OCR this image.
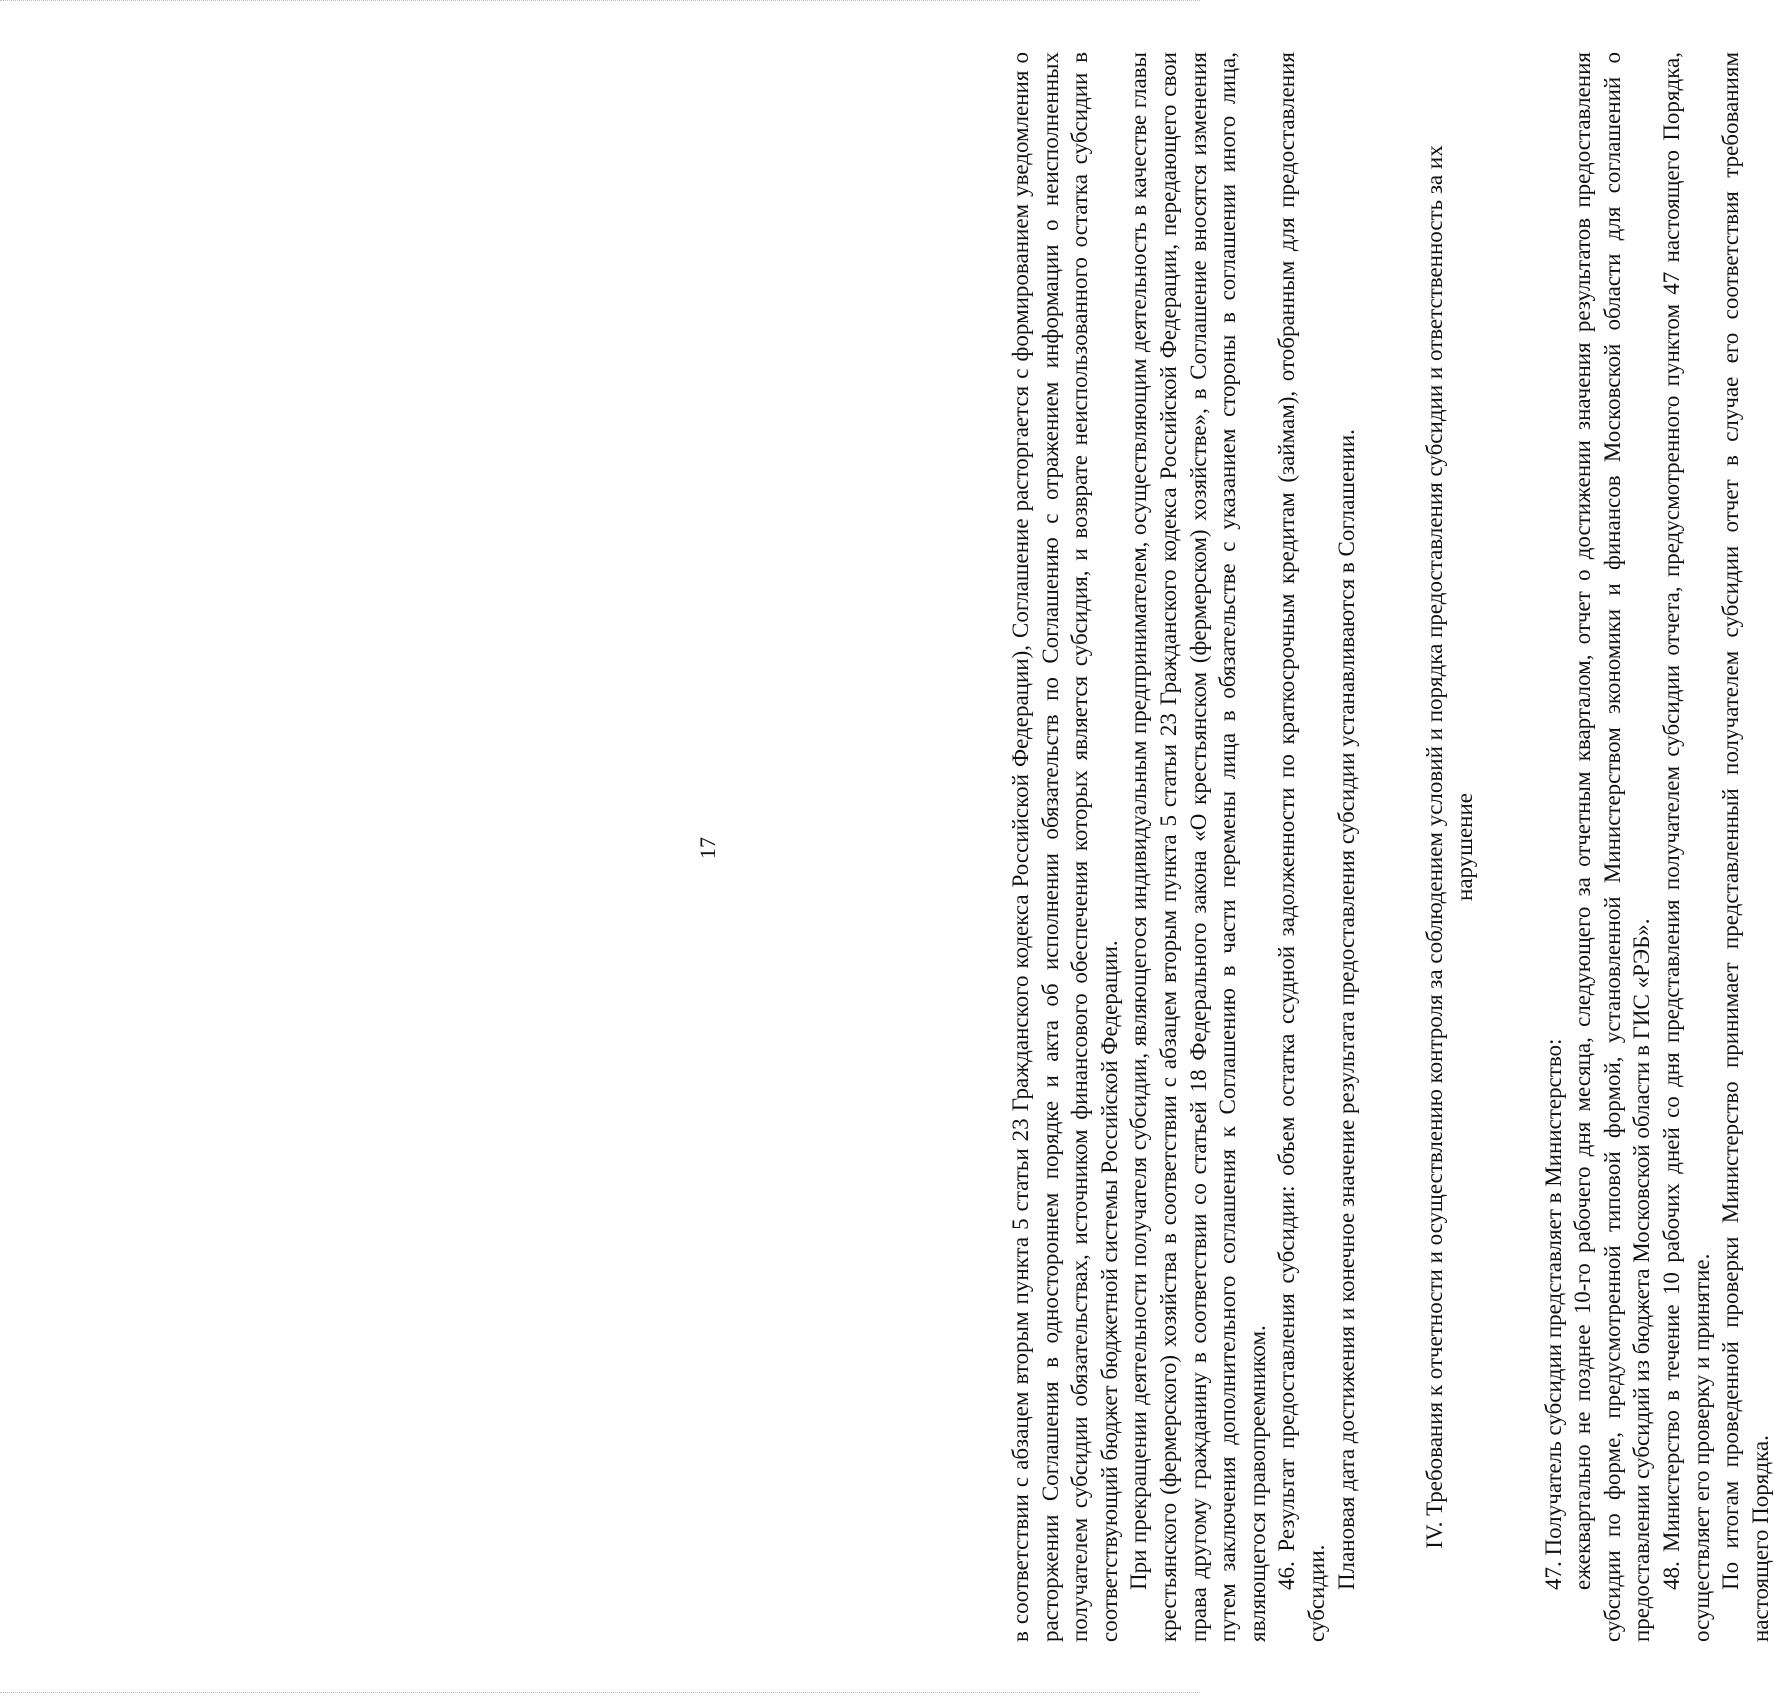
17	в соответствии с абзацем вторым пункта 5 статьи 23 Гражданского кодекса Российской Федерации), Соглашение расторгается с формированием уведомления о расторжении Соглашения в одностороннем порядке и акта об исполнении обязательств по Соглашению с отражением информации о неисполненных получателем субсидии обязательствах, источником финансового обеспечения которых является субсидия, и возврате неиспользованного остатка субсидии в соответствующий бюджет бюджетной системы Российской Федерации. При прекращении деятельности получателя субсидии, являющегося индивидуальным предпринимателем, осуществляющим деятельность в качестве главы крестьянского (фермерского) хозяйства в соответствии с абзацем вторым пункта 5 статьи 23 Гражданского кодекса Российской Федерации, передающего свои права другому гражданину в соответствии со статьей 18 Федерального закона «О крестьянском (фермерском) хозяйстве», в Соглашение вносятся изменения путем заключения дополнительного соглашения к Соглашению в части перемены лица в обязательстве с указанием стороны в соглашении иного лица, являющегося правопреемником. 46. Результат предоставления субсидии: объем остатка ссудной задолженности по краткосрочным кредитам (займам), отобранным для предоставления субсидии.

Плановая дата достижения и конечное значение результата предоставления субсидии устанавливаются в Соглашении.	IV. Требования к отчетности и осуществлению контроля за соблюдением условий и порядка предоставления субсидии и ответственность за их нарушение

47. Получатель субсидии представляет в Министерство: ежеквартально не позднее 10-го рабочего дня месяца, следующего за отчетным кварталом, отчет о достижении значения результатов предоставления субсидии по форме, предусмотренной типовой формой, установленной Министерством экономики и финансов Московской области для соглашений о предоставлении субсидий из бюджета Московской области в ГИС «РЭБ». 48. Министерство в течение 10 рабочих дней со дня представления получателем субсидии отчета, предусмотренного пунктом 47 настоящего Порядка, осуществляет его проверку и принятие. По итогам проведенной проверки Министерство принимает представленный получателем субсидии отчет в случае его соответствия требованиям настоящего Порядка.
